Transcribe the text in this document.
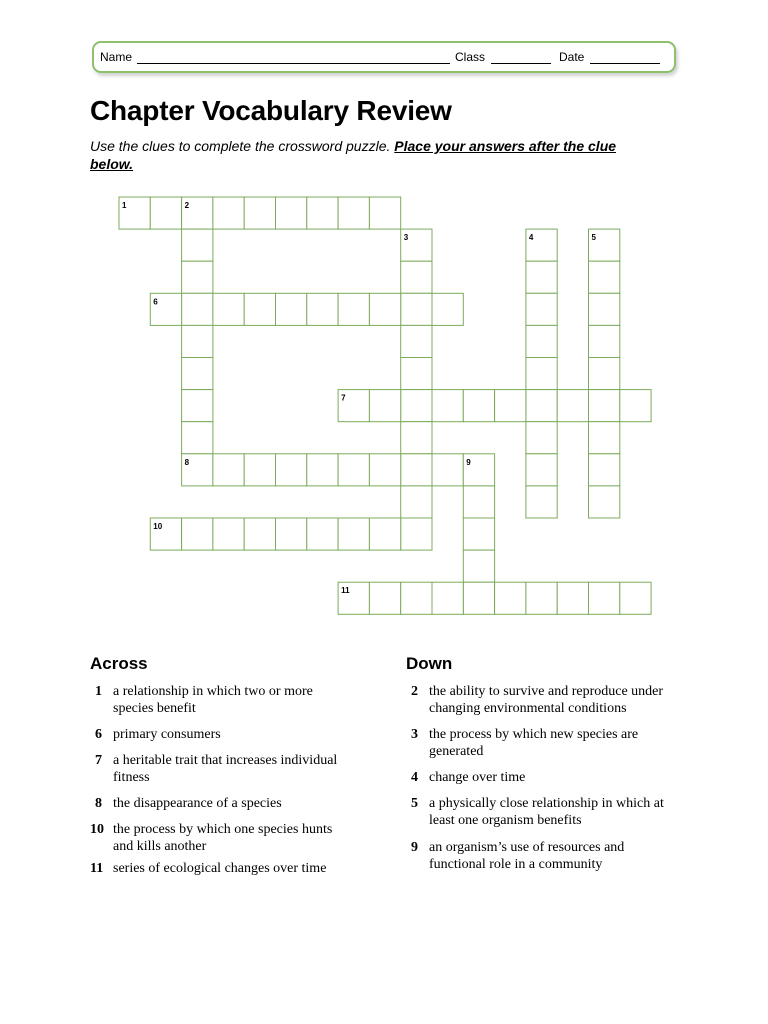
Name	Class	Date
Chapter Vocabulary Review

Use the clues to complete the crossword puzzle. Place your answers after the clue below.

1	2
3	4	5
6
7
8	9
10
11
Across
1 a relationship in which two or more species benefit
6 primary consumers
7 a heritable trait that increases individual fitness
8 the disappearance of a species
10 the process by which one species hunts and kills another
11 series of ecological changes over time
Down
2 the ability to survive and reproduce under changing environmental conditions
3 the process by which new species are generated
4 change over time
5 a physically close relationship in which at least one organism benefits
9 an organism’s use of resources and functional role in a community
